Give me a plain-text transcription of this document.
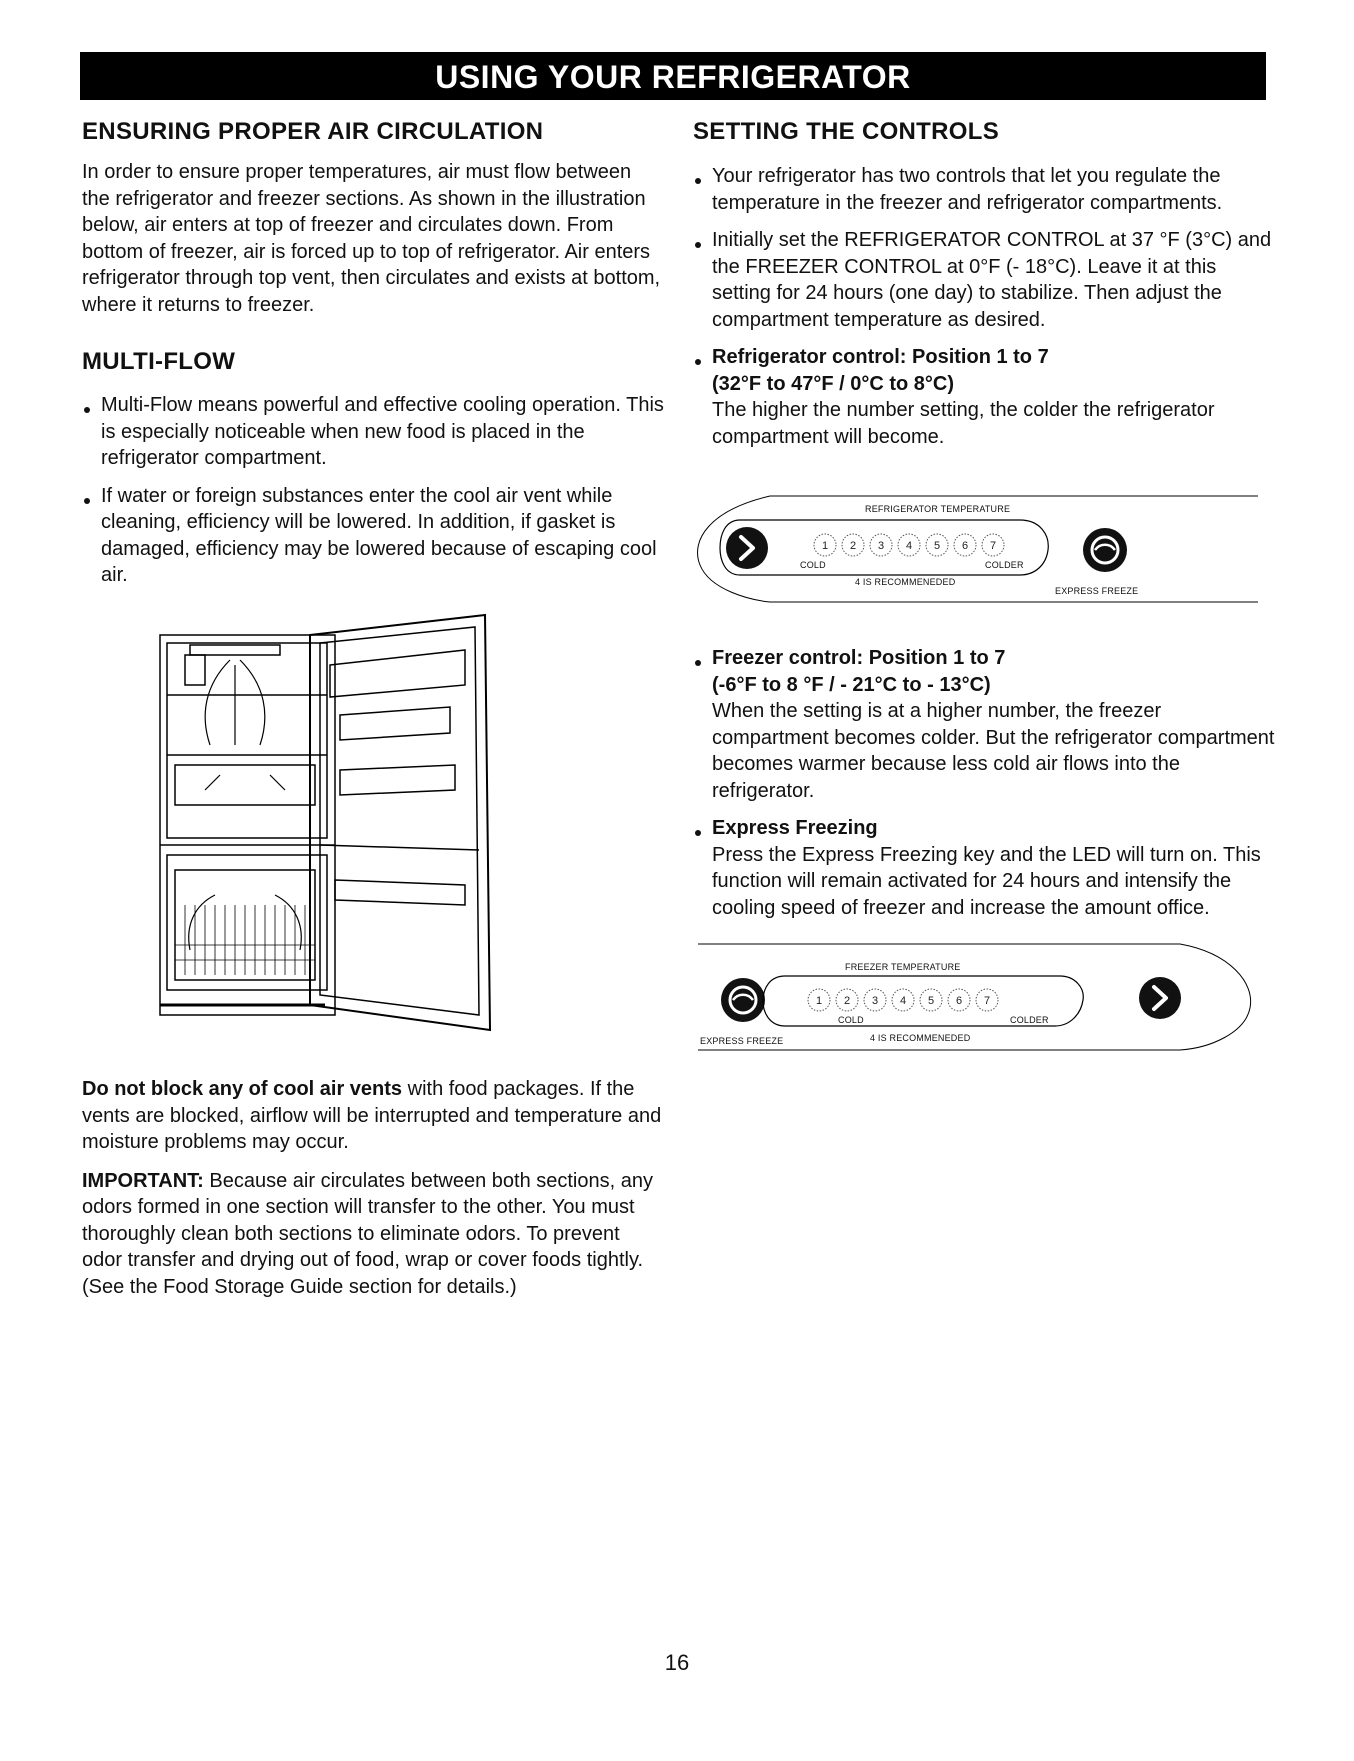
USING YOUR REFRIGERATOR
ENSURING PROPER AIR CIRCULATION

In order to ensure proper temperatures, air must flow between the refrigerator and freezer sections. As shown in the illustration below, air enters at top of freezer and circulates down. From bottom of freezer, air is forced up to top of refrigerator. Air enters refrigerator through top vent, then circulates and exists at bottom, where it returns to freezer.

MULTI-FLOW
Multi-Flow means powerful and effective cooling operation. This is especially noticeable when new food is placed in the refrigerator compartment.
If water or foreign substances enter the cool air vent while cleaning, efficiency will be lowered. In addition, if gasket is damaged, efficiency may be lowered because of escaping cool air.

Do not block any of cool air vents with food packages. If the vents are blocked, airflow will be interrupted and temperature and moisture problems may occur.

IMPORTANT: Because air circulates between both sections, any odors formed in one section will transfer to the other. You must thoroughly clean both sections to eliminate odors. To prevent odor transfer and drying out of food, wrap or cover foods tightly. (See the Food Storage Guide section for details.)

SETTING THE CONTROLS
Your refrigerator has two controls that let you regulate the temperature in the freezer and refrigerator compartments.
Initially set the REFRIGERATOR CONTROL at 37 °F (3°C) and the FREEZER CONTROL at 0°F (- 18°C). Leave it at this setting for 24 hours (one day) to stabilize. Then adjust the compartment temperature as desired.
Refrigerator control: Position 1 to 7
(32°F to 47°F / 0°C to 8°C)
The higher the number setting, the colder the refrigerator compartment will become.
REFRIGERATOR TEMPERATURE
1 2 3 4 5 6 7
COLD	COLDER
4 IS RECOMMENEDED
EXPRESS FREEZE
Freezer control: Position 1 to 7
(-6°F to 8 °F / - 21°C to - 13°C)
When the setting is at a higher number, the freezer compartment becomes colder. But the refrigerator compartment becomes warmer because less cold air flows into the refrigerator.
Express Freezing
Press the Express Freezing key and the LED will turn on. This function will remain activated for 24 hours and intensify the cooling speed of freezer and increase the amount office.
FREEZER TEMPERATURE
EXPRESS FREEZE
1 2 3 4 5 6 7
COLD	COLDER
4 IS RECOMMENEDED
16
